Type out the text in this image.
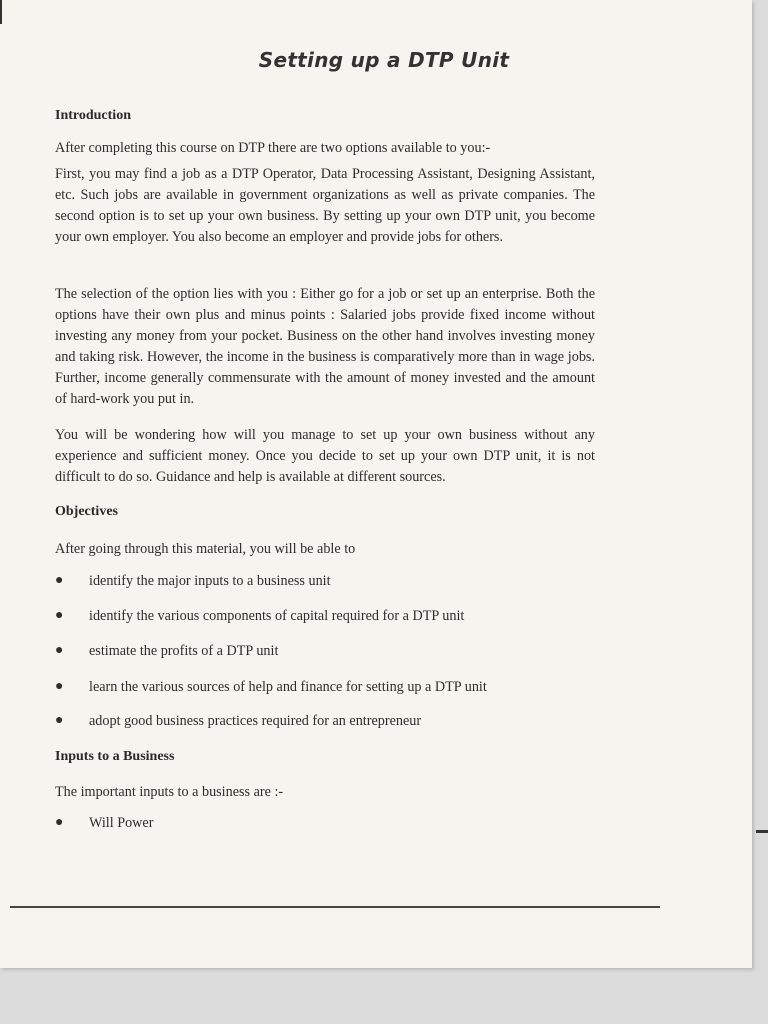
Setting up a DTP Unit
Introduction
After completing this course on DTP there are two options available to you:-
First, you may find a job as a DTP Operator, Data Processing Assistant, Designing Assistant, etc. Such jobs are available in government organizations as well as private companies. The second option is to set up your own business. By setting up your own DTP unit, you become your own employer. You also become an employer and provide jobs for others.
The selection of the option lies with you : Either go for a job or set up an enterprise. Both the options have their own plus and minus points : Salaried jobs provide fixed income without investing any money from your pocket. Business on the other hand involves investing money and taking risk. However, the income in the business is comparatively more than in wage jobs. Further, income generally commensurate with the amount of money invested and the amount of hard-work you put in.
You will be wondering how will you manage to set up your own business without any experience and sufficient money. Once you decide to set up your own DTP unit, it is not difficult to do so. Guidance and help is available at different sources.
Objectives
After going through this material, you will be able to
● identify the major inputs to a business unit
● identify the various components of capital required for a DTP unit
● estimate the profits of a DTP unit
● learn the various sources of help and finance for setting up a DTP unit
● adopt good business practices required for an entrepreneur
Inputs to a Business
The important inputs to a business are :-
● Will Power
